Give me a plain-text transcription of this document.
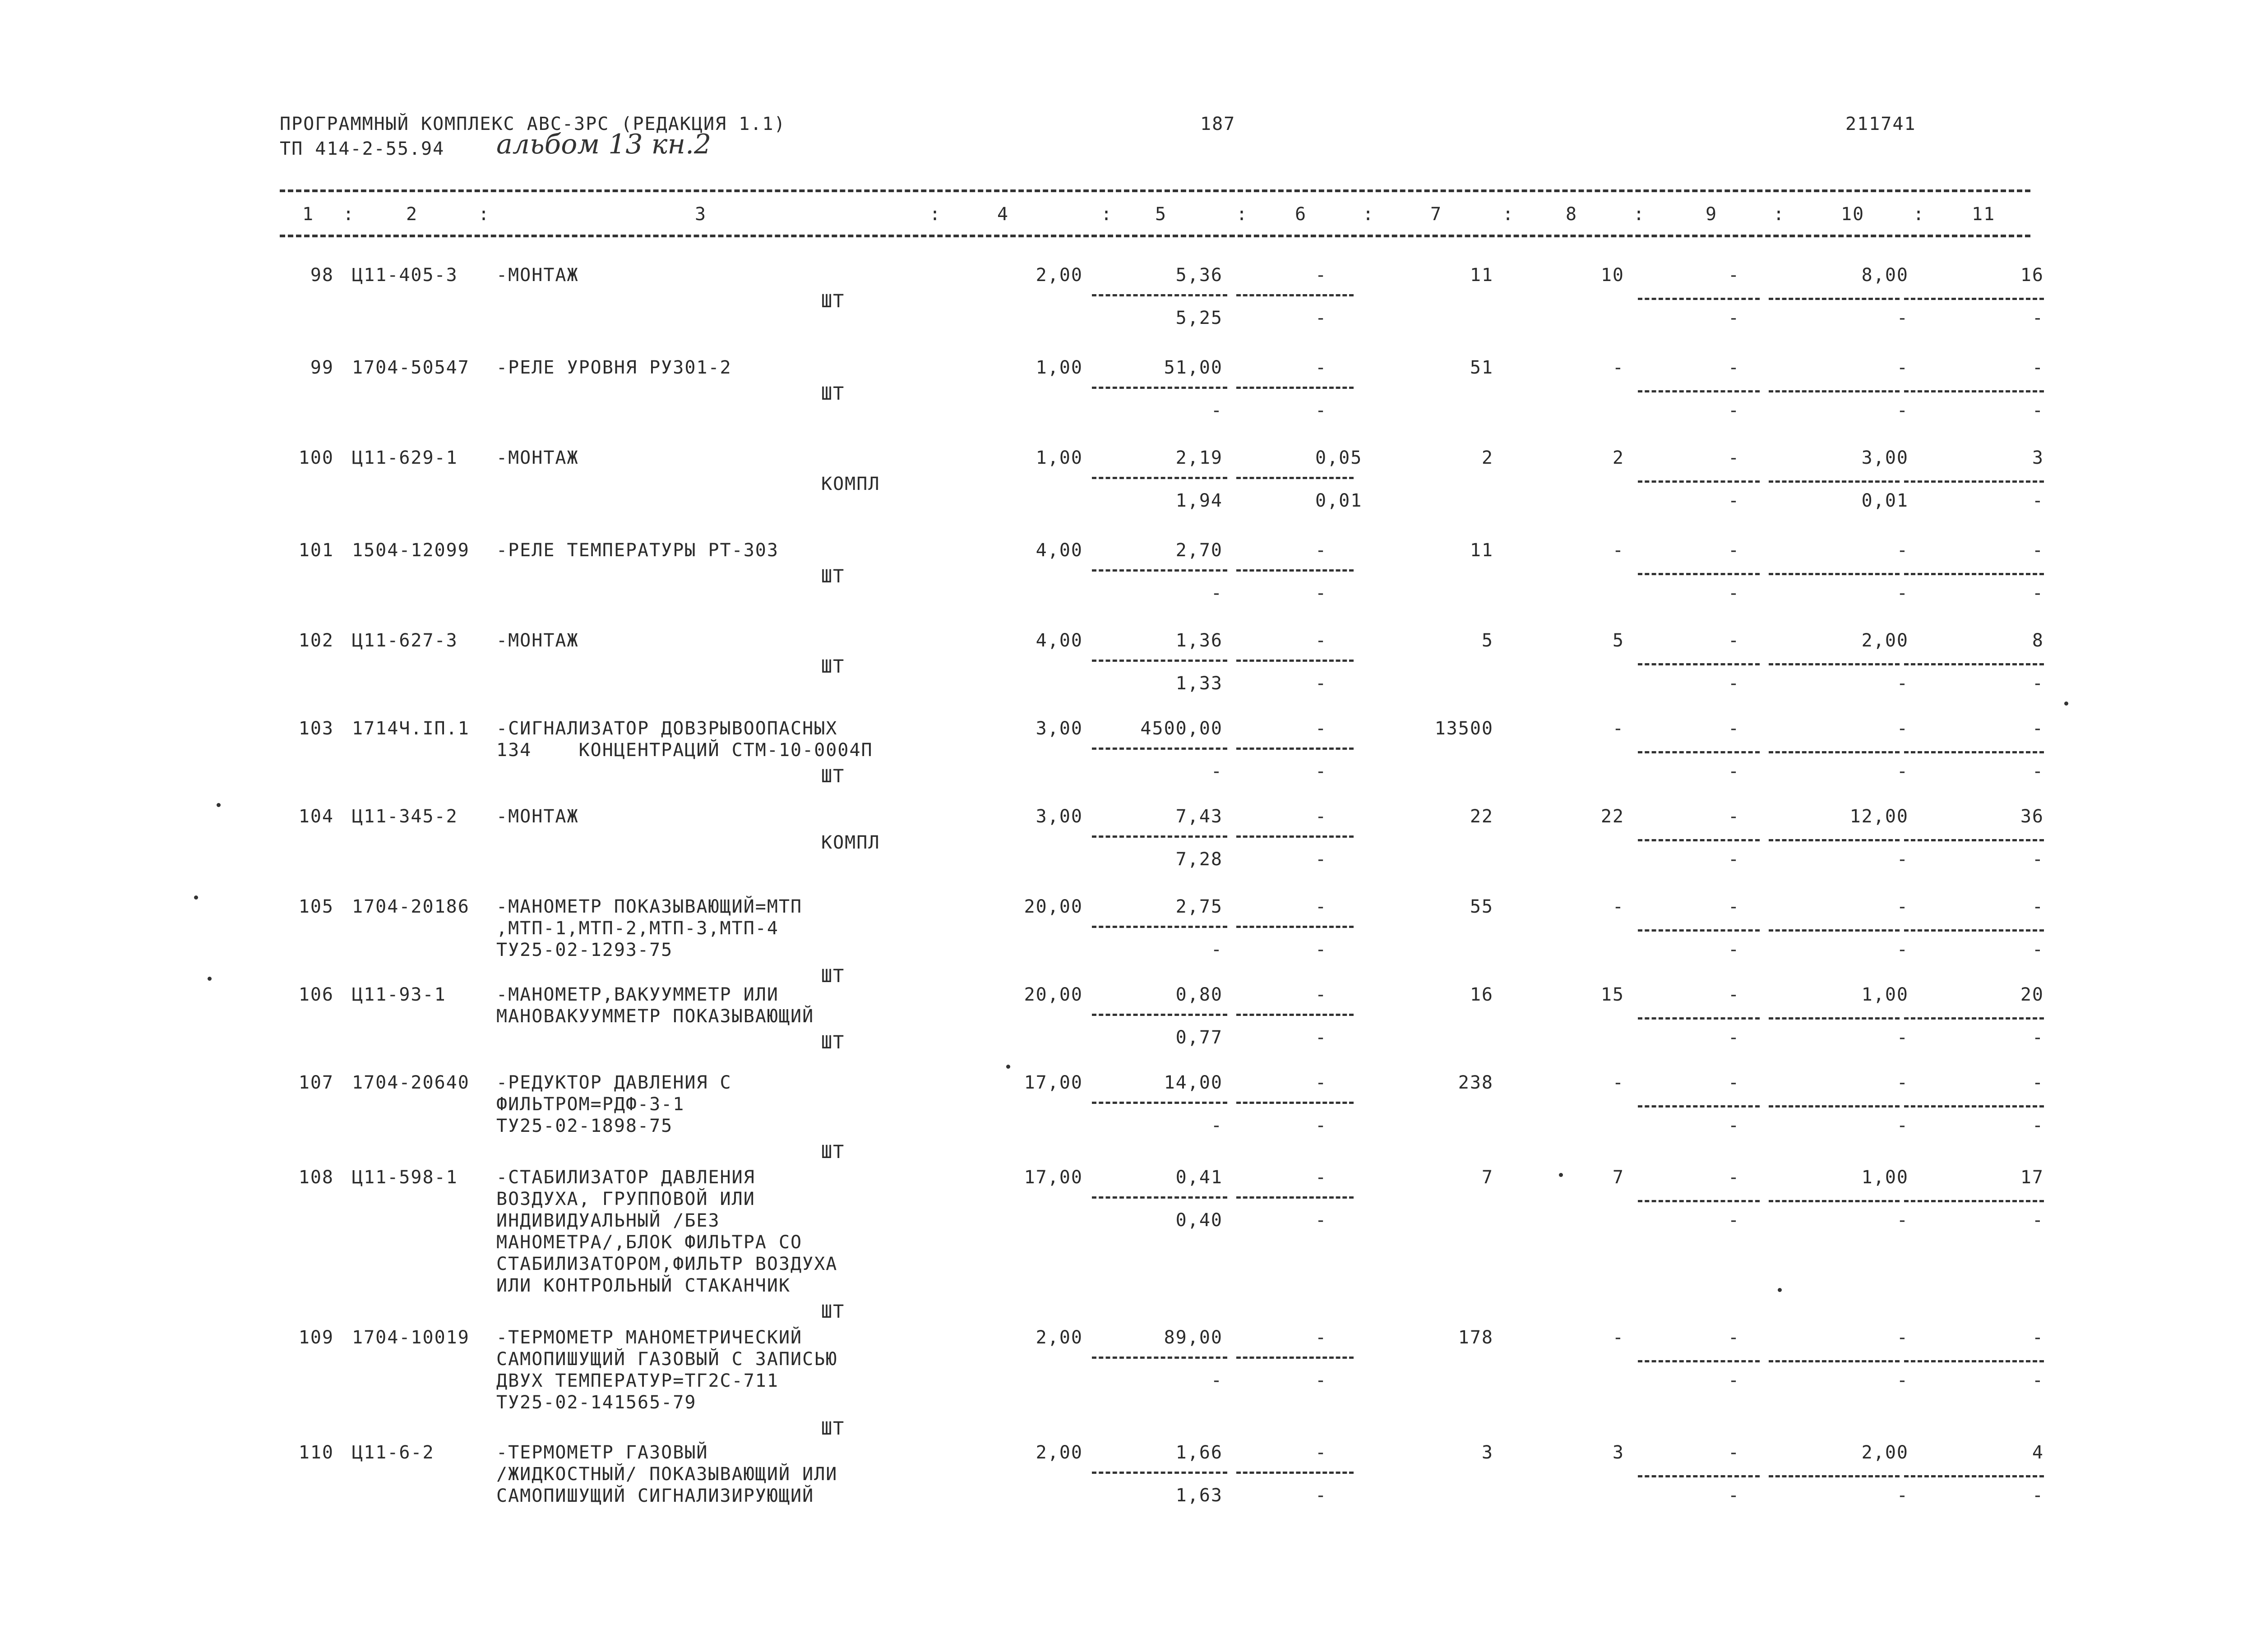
ПРОГРАММНЫЙ КОМПЛЕКС АВС-3РС (РЕДАКЦИЯ 1.1)
ТП 414-2-55.94 альбом 13 кн.2
187	211741
1	2	3	4	5	6	7	8	9	10	11
:	:	:	:	:	:	:	:	:	:
98 Ц11-405-3 -МОНТАЖ
ШТ
2,00	5,36	-	11	10	-	8,00	16
5,25	-	-	-	-
99 1704-50547 -РЕЛЕ УРОВНЯ РУ301-2
ШТ
1,00	51,00	-	51	-	-	-	-
-	-	-	-	-
100 Ц11-629-1 -МОНТАЖ
КОМПЛ
1,00	2,19	0,05	2	2	-	3,00	3
1,94	0,01	-	0,01	-
101 1504-12099 -РЕЛЕ ТЕМПЕРАТУРЫ РТ-303
ШТ
4,00	2,70	-	11	-	-	-	-
-	-	-	-	-
102 Ц11-627-3 -МОНТАЖ
ШТ
4,00	1,36	-	5	5	-	2,00	8
1,33	-	-	-	-
103 1714Ч.IП.1 -СИГНАЛИЗАТОР ДОВЗРЫВООПАСНЫХ
134    КОНЦЕНТРАЦИЙ СТМ-10-0004П
ШТ
3,00	4500,00	-	13500	-	-	-	-
-	-	-	-	-
104 Ц11-345-2 -МОНТАЖ
КОМПЛ
3,00	7,43	-	22	22	-	12,00	36
7,28	-	-	-	-
105 1704-20186 -МАНОМЕТР ПОКАЗЫВАЮЩИЙ=МТП
,МТП-1,МТП-2,МТП-3,МТП-4
ТУ25-02-1293-75
ШТ
20,00	2,75	-	55	-	-	-	-
-	-	-	-	-
106 Ц11-93-1	-МАНОМЕТР,ВАКУУММЕТР ИЛИ
МАНОВАКУУММЕТР ПОКАЗЫВАЮЩИЙ
ШТ
20,00	0,80	-	16	15	-	1,00	20
0,77	-	-	-	-
107 1704-20640 -РЕДУКТОР ДАВЛЕНИЯ С
ФИЛЬТРОМ=РДФ-3-1
ТУ25-02-1898-75
ШТ
17,00	14,00	-	238	-	-	-	-
-	-	-	-	-
108 Ц11-598-1 -СТАБИЛИЗАТОР ДАВЛЕНИЯ
ВОЗДУХА, ГРУППОВОЙ ИЛИ
ИНДИВИДУАЛЬНЫЙ /БЕЗ
МАНОМЕТРА/,БЛОК ФИЛЬТРА СО
СТАБИЛИЗАТОРОМ,ФИЛЬТР ВОЗДУХА
ИЛИ КОНТРОЛЬНЫЙ СТАКАНЧИК
ШТ
17,00	0,41	-	7	7	-	1,00	17
0,40	-	-	-	-
109 1704-10019 -ТЕРМОМЕТР МАНОМЕТРИЧЕСКИЙ
САМОПИШУЩИЙ ГАЗОВЫЙ С ЗАПИСЬЮ
ДВУХ ТЕМПЕРАТУР=ТГ2С-711
ТУ25-02-141565-79
ШТ
2,00	89,00	-	178	-	-	-	-
-	-	-	-	-
110 Ц11-6-2	-ТЕРМОМЕТР ГАЗОВЫЙ
/ЖИДКОСТНЫЙ/ ПОКАЗЫВАЮЩИЙ ИЛИ
САМОПИШУЩИЙ СИГНАЛИЗИРУЮЩИЙ
2,00	1,66	-	3	3	-	2,00	4
1,63	-	-	-	-
